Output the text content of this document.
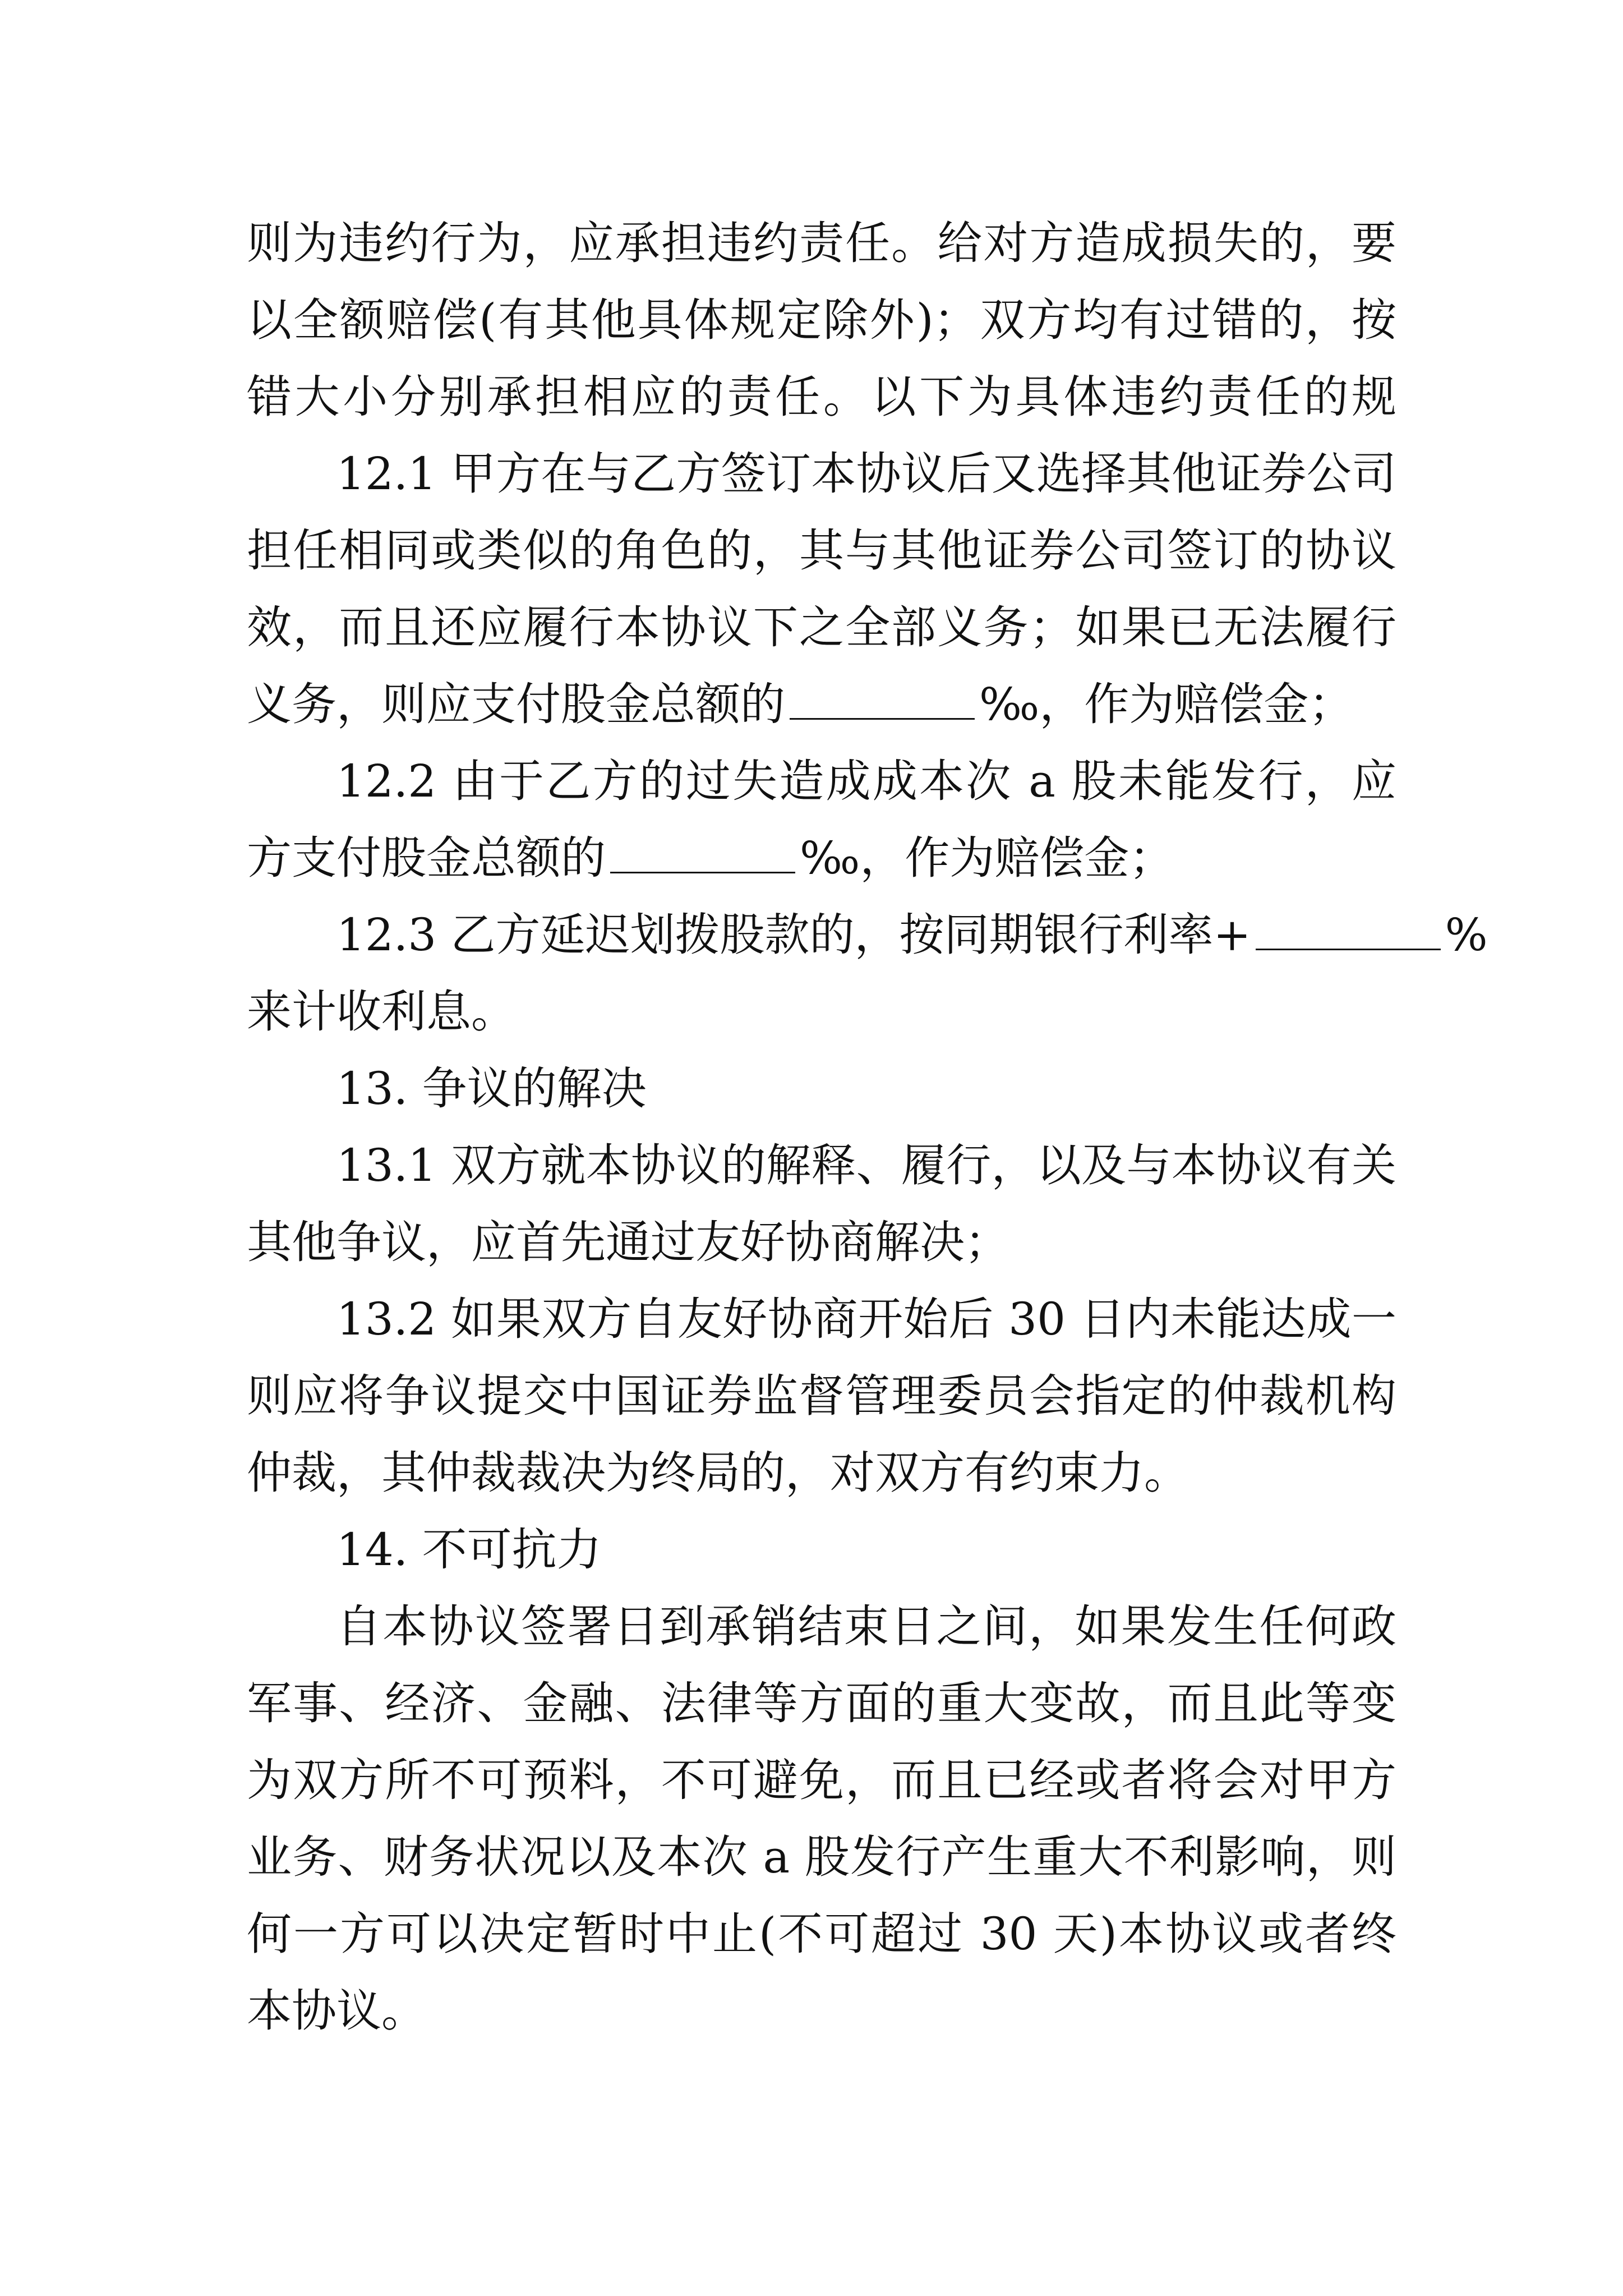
则为违约行为，应承担违约责任。给对方造成损失的，要
以全额赔偿(有其他具体规定除外)；双方均有过错的，按
错大小分别承担相应的责任。以下为具体违约责任的规
12.1 甲方在与乙方签订本协议后又选择其他证券公司
担任相同或类似的角色的，其与其他证券公司签订的协议
效，而且还应履行本协议下之全部义务；如果已无法履行
义务，则应支付股金总额的	‰，作为赔偿金；
12.2 由于乙方的过失造成成本次 a 股未能发行，应
方支付股金总额的	‰，作为赔偿金；
12.3 乙方延迟划拨股款的，按同期银行利率+	%
来计收利息。
13. 争议的解决
13.1 双方就本协议的解释、履行，以及与本协议有关
其他争议，应首先通过友好协商解决；
13.2 如果双方自友好协商开始后 30 日内未能达成一
则应将争议提交中国证券监督管理委员会指定的仲裁机构
仲裁，其仲裁裁决为终局的，对双方有约束力。
14. 不可抗力
自本协议签署日到承销结束日之间，如果发生任何政
军事、经济、金融、法律等方面的重大变故，而且此等变
为双方所不可预料，不可避免，而且已经或者将会对甲方
业务、财务状况以及本次 a 股发行产生重大不利影响，则
何一方可以决定暂时中止(不可超过 30 天)本协议或者终
本协议。
